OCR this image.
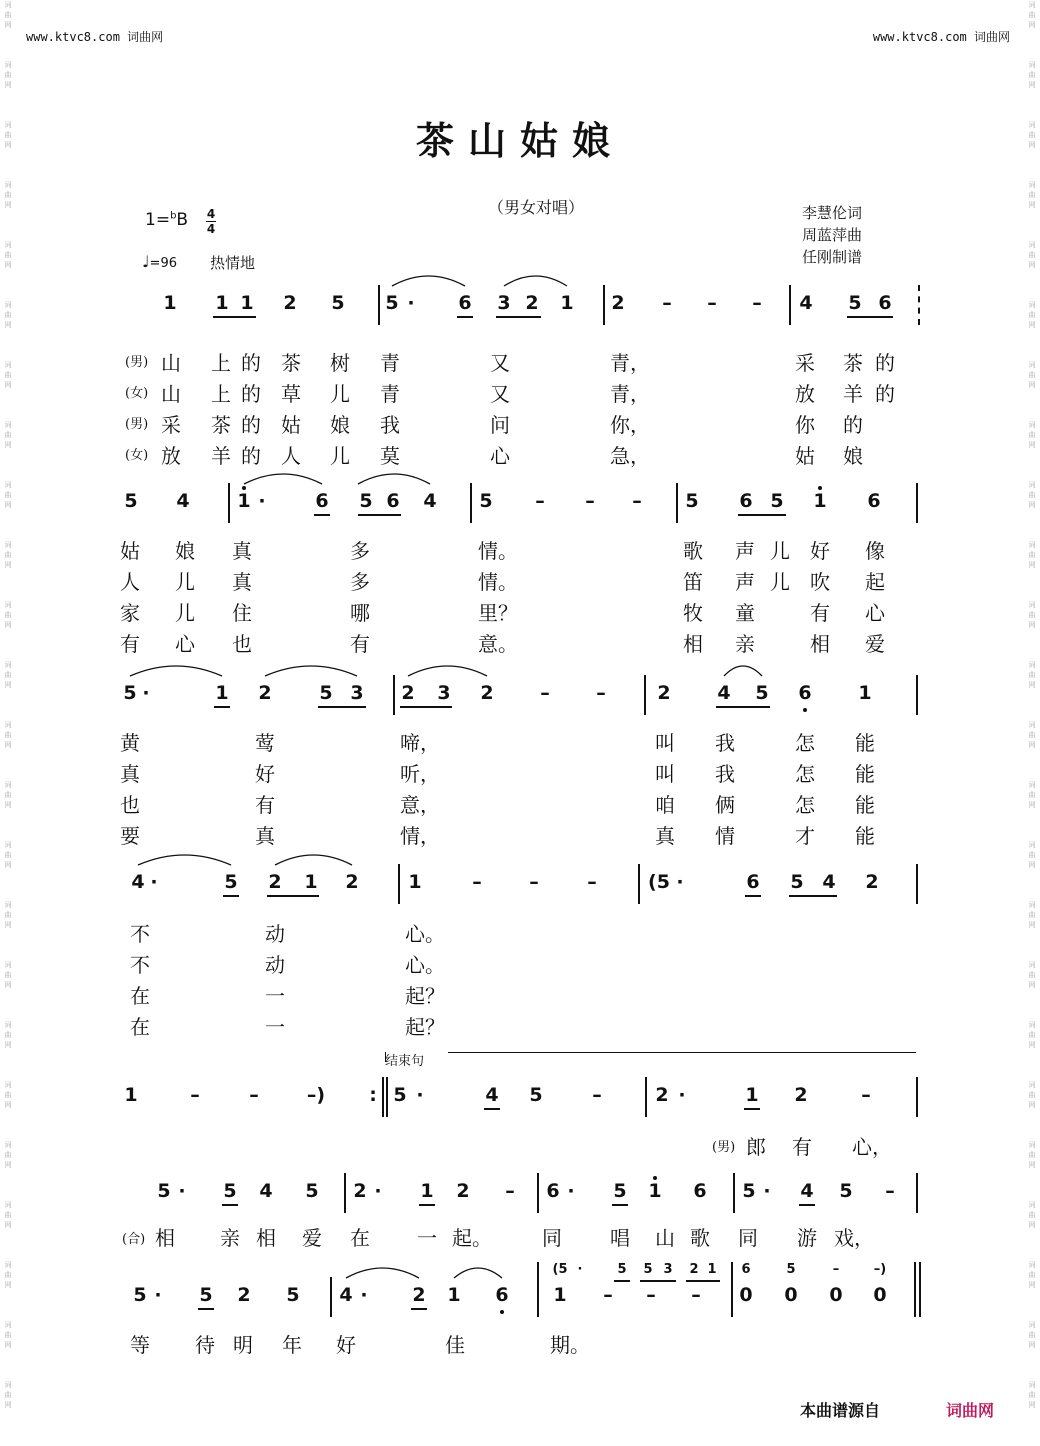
词
曲
网
词
曲
网
词
曲
网
词
曲
网
词
曲
网
词
曲
网
词
曲
网
词
曲
网
词
曲
网
词
曲
网
词
曲
网
词
曲
网
词
曲
网
词
曲
网
词
曲
网
词
曲
网
词
曲
网
词
曲
网
词
曲
网
词
曲
网
词
曲
网
词
曲
网
词
曲
网
词
曲
网
词
曲
网
词
曲
网
词
曲
网
词
曲
网
词
曲
网
词
曲
网
词
曲
网
词
曲
网
词
曲
网
词
曲
网
词
曲
网
词
曲
网
词
曲
网
词
曲
网
词
曲
网
词
曲
网
词
曲
网
词
曲
网
词
曲
网
词
曲
网
词
曲
网
词
曲
网
词
曲
网
词
曲
网
www.ktvc8.com 词曲网	www.ktvc8.com 词曲网
茶山姑娘
（男女对唱）	李慧伦词
周蓝萍曲
任刚制谱
1=$^b$B 4
4
♩=96 热情地
结束句
本曲谱源自	词曲网
1 1 1 2 5 5 · 6 3 2 1 2 – – – 4 5 6
(男) 山 上 的 茶 树 青	又	青，	采 茶 的
(女) 山 上 的 草 儿 青	又	青，	放 羊 的
(男) 采 茶 的 姑 娘 我	问	你，	你 的
(女) 放 羊 的 人 儿 莫	心	急，	姑 娘
5 4	1 ·	6 5 6 4 5 – – – 5 6 5 1 6
姑 娘 真	多	情。	歌 声 儿 好 像
人 儿 真	多	情。	笛 声 儿 吹 起
家 儿 住	哪	里？	牧 童	有 心
有 心 也	有	意。	相 亲	相 爱
5 ·	1 2	5 3 2 3 2 – –	2 4 5 6 1
黄	莺	啼，	叫 我	怎 能
真	好	听，	叫 我	怎 能
也	有	意，	咱 俩	怎 能
要	真	情，	真 情	才 能
4 ·	5 2 1 2	1	–	–	–	(5 ·	6 5 4 2
不	动	心。
不	动	心。
在	一	起？
在	一	起？
1	–	–	–)	: 5 ·	4 5	–	2 ·	1 2	–
(男) 郎 有 心，
5 · 5 4 5 2 · 1 2 – 6 · 5 1 6 5 · 4 5 –
(合) 相 亲 相 爱 在 一 起。	同 唱 山 歌 同 游 戏，
5 · 5 2 5 4 · 2 1 6 1 – – – 0 0 0 0
(5 ·	5 5 3 2 1 6	5	–	–)
等 待 明 年 好	佳	期。
